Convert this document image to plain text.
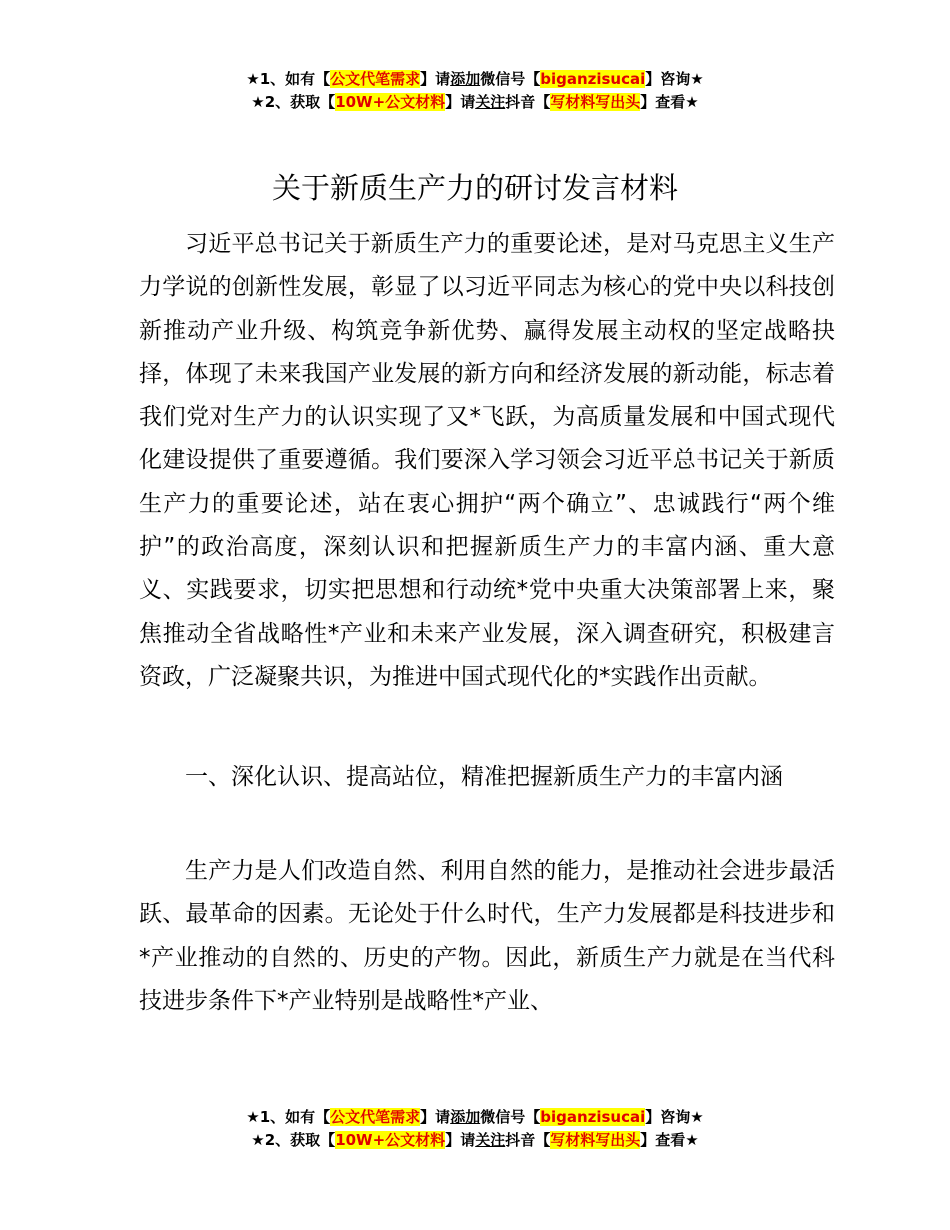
★1、如有【公文代笔需求】请添加微信号【biganzisucai】咨询★
★2、获取【10W+公文材料】请关注抖音【写材料写出头】查看★
关于新质生产力的研讨发言材料

习近平总书记关于新质生产力的重要论述，是对马克思主义生产力学说的创新性发展，彰显了以习近平同志为核心的党中央以科技创新推动产业升级、构筑竞争新优势、赢得发展主动权的坚定战略抉择，体现了未来我国产业发展的新方向和经济发展的新动能，标志着我们党对生产力的认识实现了又*飞跃，为高质量发展和中国式现代化建设提供了重要遵循。我们要深入学习领会习近平总书记关于新质生产力的重要论述，站在衷心拥护“两个确立”、忠诚践行“两个维护”的政治高度，深刻认识和把握新质生产力的丰富内涵、重大意义、实践要求，切实把思想和行动统*党中央重大决策部署上来，聚焦推动全省战略性*产业和未来产业发展，深入调查研究，积极建言资政，广泛凝聚共识，为推进中国式现代化的*实践作出贡献。

一、深化认识、提高站位，精准把握新质生产力的丰富内涵

生产力是人们改造自然、利用自然的能力，是推动社会进步最活跃、最革命的因素。无论处于什么时代，生产力发展都是科技进步和*产业推动的自然的、历史的产物。因此，新质生产力就是在当代科技进步条件下*产业特别是战略性*产业、

★1、如有【公文代笔需求】请添加微信号【biganzisucai】咨询★
★2、获取【10W+公文材料】请关注抖音【写材料写出头】查看★
